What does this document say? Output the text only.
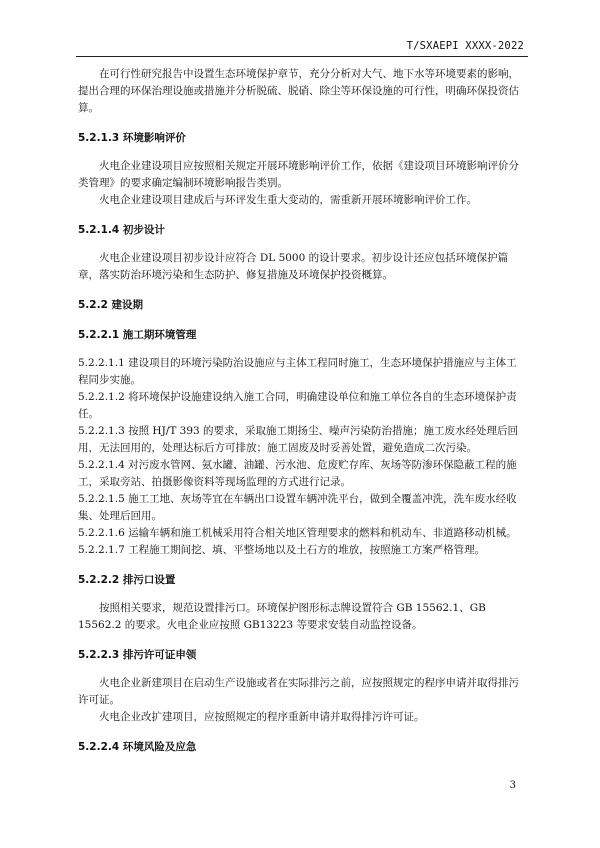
T/SXAEPI XXXX-2022

在可行性研究报告中设置生态环境保护章节，充分分析对大气、地下水等环境要素的影响，提出合理的环保治理设施或措施并分析脱硫、脱硝、除尘等环保设施的可行性，明确环保投资估算。

5.2.1.3 环境影响评价

火电企业建设项目应按照相关规定开展环境影响评价工作，依据《建设项目环境影响评价分类管理》的要求确定编制环境影响报告类别。

火电企业建设项目建成后与环评发生重大变动的，需重新开展环境影响评价工作。

5.2.1.4 初步设计

火电企业建设项目初步设计应符合 DL 5000 的设计要求。初步设计还应包括环境保护篇章，落实防治环境污染和生态防护、修复措施及环境保护投资概算。

5.2.2 建设期

5.2.2.1 施工期环境管理

5.2.2.1.1 建设项目的环境污染防治设施应与主体工程同时施工，生态环境保护措施应与主体工程同步实施。

5.2.2.1.2 将环境保护设施建设纳入施工合同，明确建设单位和施工单位各自的生态环境保护责任。

5.2.2.1.3 按照 HJ/T 393 的要求，采取施工期扬尘、噪声污染防治措施；施工废水经处理后回用，无法回用的，处理达标后方可排放；施工固废及时妥善处置，避免造成二次污染。

5.2.2.1.4 对污废水管网、氨水罐、油罐、污水池、危废贮存库、灰场等防渗环保隐蔽工程的施工，采取旁站、拍摄影像资料等现场监理的方式进行记录。

5.2.2.1.5 施工工地、灰场等宜在车辆出口设置车辆冲洗平台，做到全覆盖冲洗，洗车废水经收集、处理后回用。

5.2.2.1.6 运输车辆和施工机械采用符合相关地区管理要求的燃料和机动车、非道路移动机械。

5.2.2.1.7 工程施工期间挖、填、平整场地以及土石方的堆放，按照施工方案严格管理。

5.2.2.2 排污口设置

按照相关要求，规范设置排污口。环境保护图形标志牌设置符合 GB 15562.1、GB 15562.2 的要求。火电企业应按照 GB13223 等要求安装自动监控设备。

5.2.2.3 排污许可证申领

火电企业新建项目在启动生产设施或者在实际排污之前，应按照规定的程序申请并取得排污许可证。

火电企业改扩建项目，应按照规定的程序重新申请并取得排污许可证。

5.2.2.4 环境风险及应急

3
